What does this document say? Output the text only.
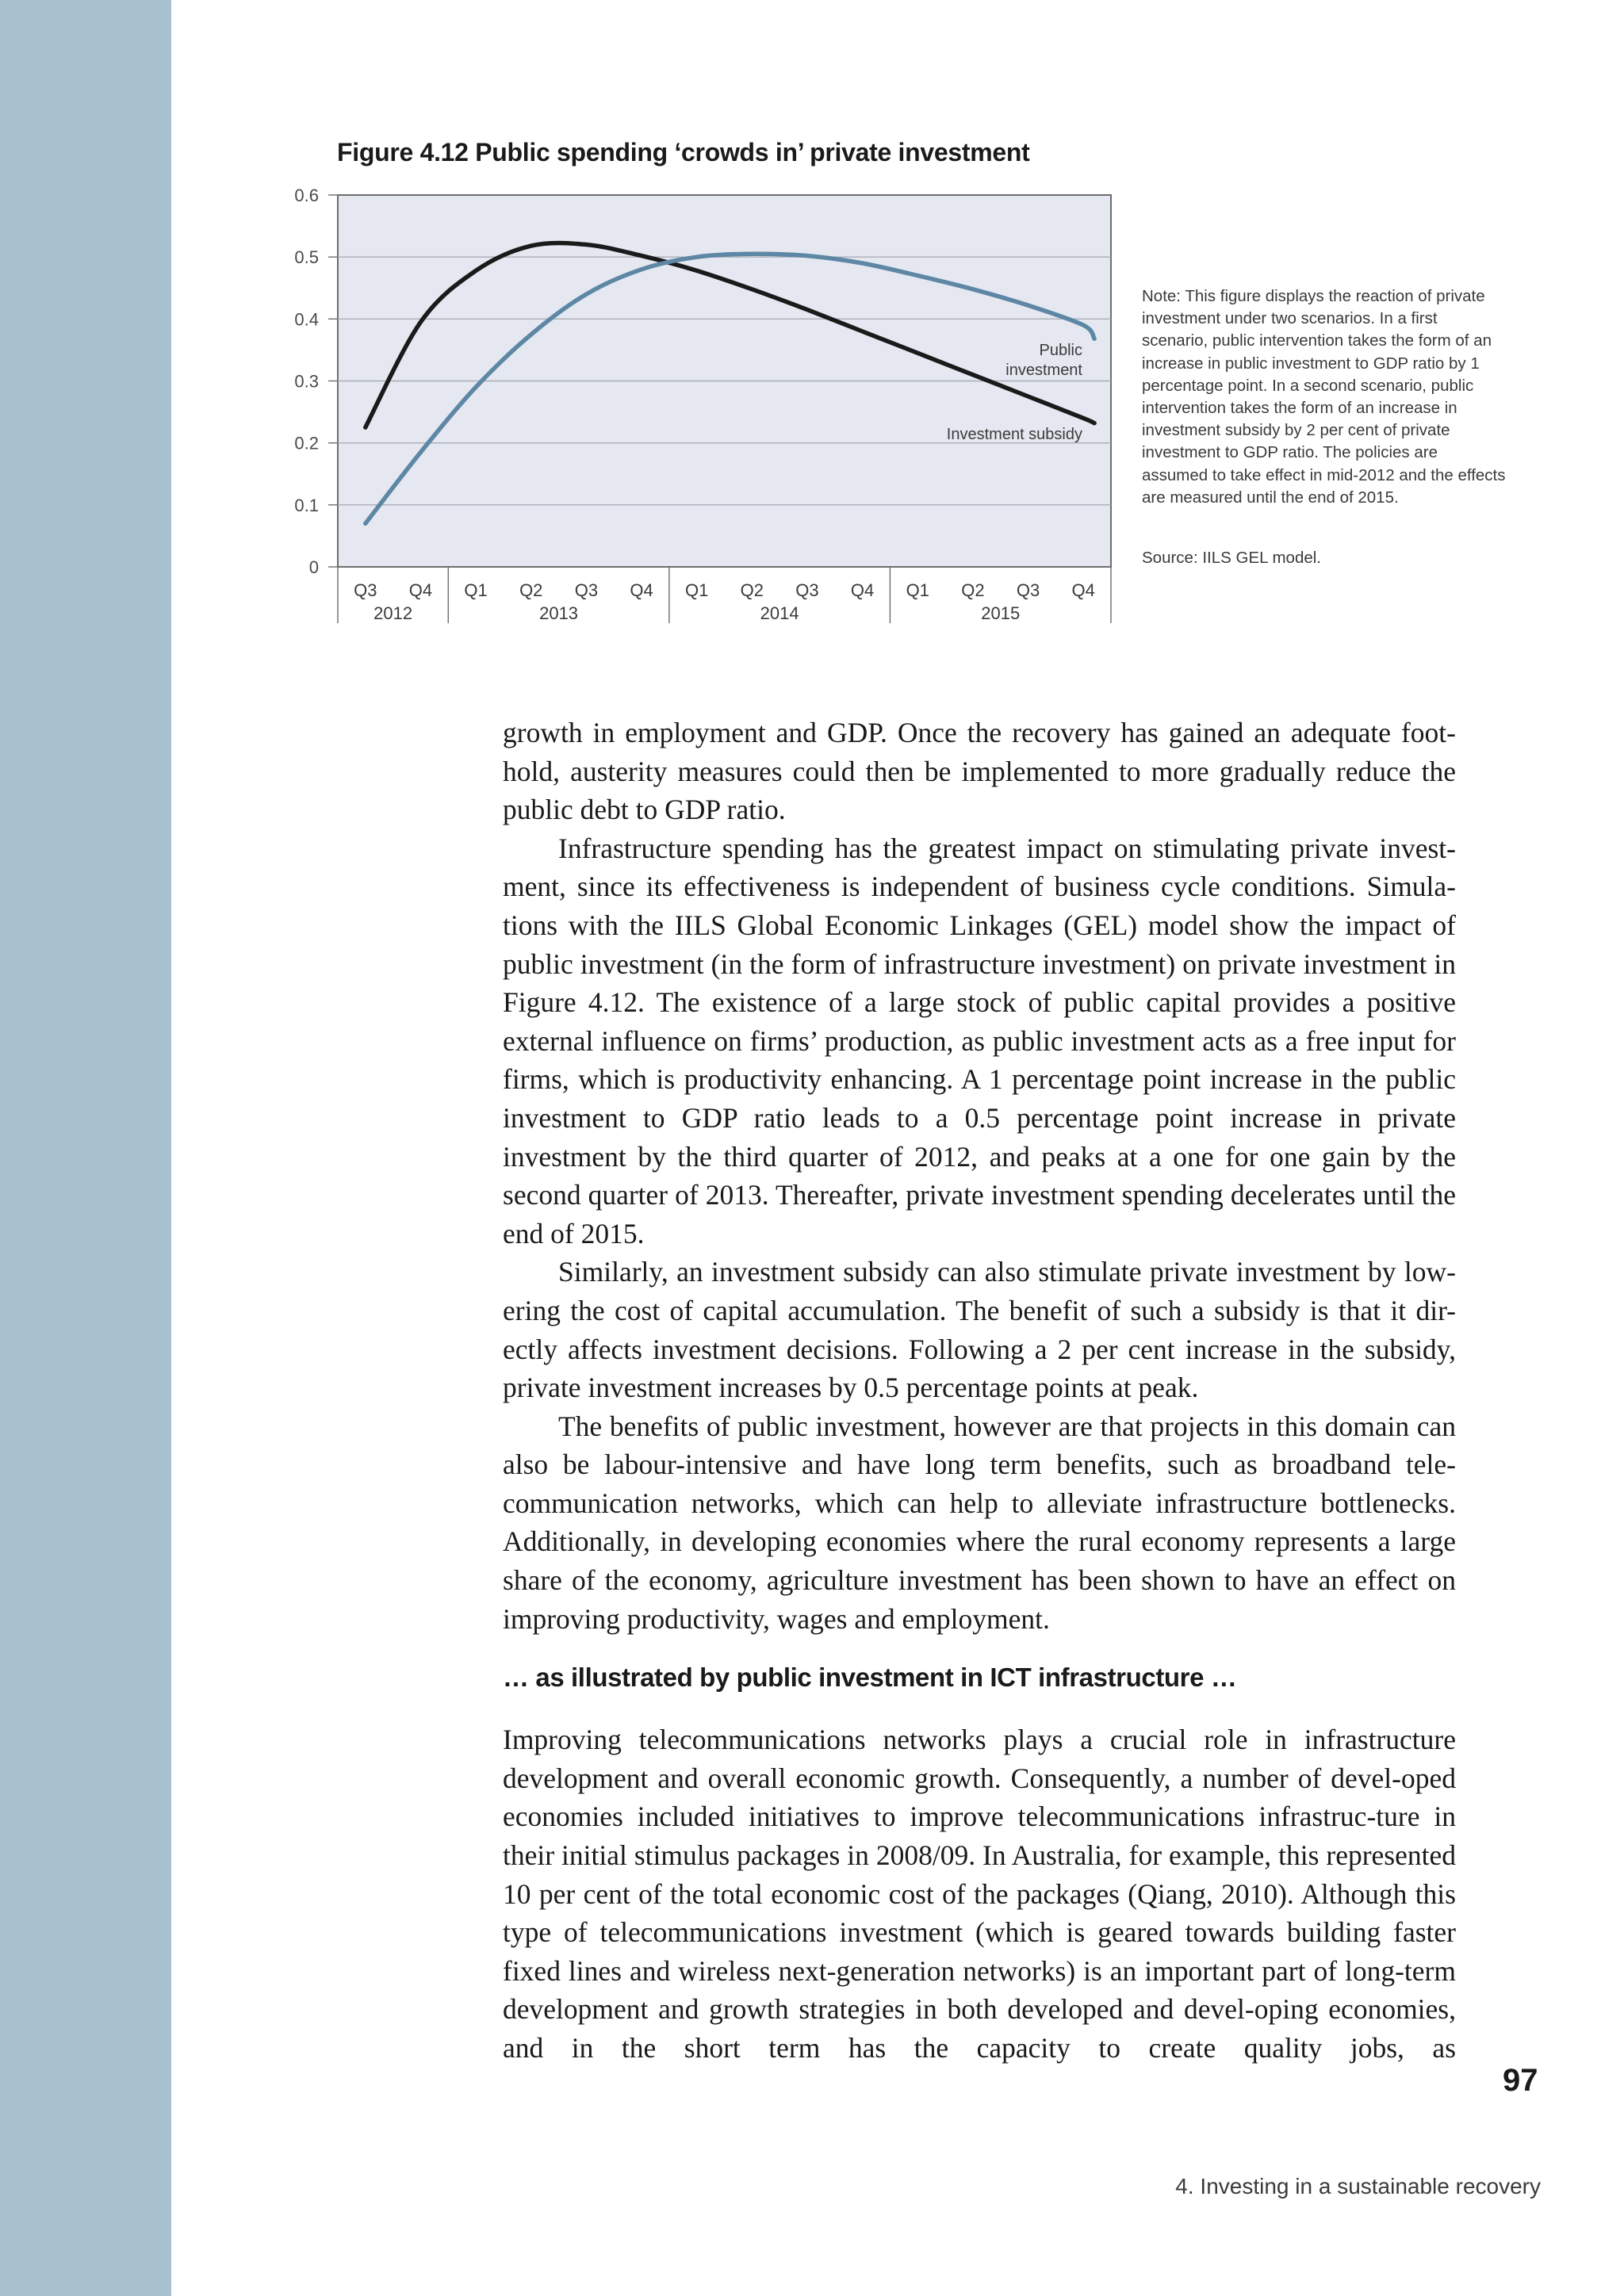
Figure 4.12 Public spending ‘crowds in’ private investment
0
0.1
0.2
0.3
0.4
0.5
0.6
Q3 Q4 Q1 Q2 Q3 Q4 Q1 Q2 Q3 Q4 Q1 Q2 Q3 Q4
2012	2013	2014	2015
Public
investment
Investment subsidy
Note: This figure displays the reaction of private investment under two scenarios. In a first scenario, public intervention takes the form of an increase in public investment to GDP ratio by 1 percentage point. In a second scenario, public intervention takes the form of an increase in investment subsidy by 2 per cent of private investment to GDP ratio. The policies are assumed to take effect in mid-2012 and the effects are measured until the end of 2015.
Source: IILS GEL model.

growth in employment and GDP. Once the recovery has gained an adequate foot-hold, austerity measures could then be implemented to more gradually reduce the public debt to GDP ratio.

Infrastructure spending has the greatest impact on stimulating private invest-ment, since its effectiveness is independent of business cycle conditions. Simula-tions with the IILS Global Economic Linkages (GEL) model show the impact of public investment (in the form of infrastructure investment) on private investment in Figure 4.12. The existence of a large stock of public capital provides a positive external influence on firms’ production, as public investment acts as a free input for firms, which is productivity enhancing. A 1 percentage point increase in the public investment to GDP ratio leads to a 0.5 percentage point increase in private investment by the third quarter of 2012, and peaks at a one for one gain by the second quarter of 2013. Thereafter, private investment spending decelerates until the end of 2015.

Similarly, an investment subsidy can also stimulate private investment by low-ering the cost of capital accumulation. The benefit of such a subsidy is that it dir-ectly affects investment decisions. Following a 2 per cent increase in the subsidy, private investment increases by 0.5 percentage points at peak.

The benefits of public investment, however are that projects in this domain can also be labour-intensive and have long term benefits, such as broadband tele-communication networks, which can help to alleviate infrastructure bottlenecks. Additionally, in developing economies where the rural economy represents a large share of the economy, agriculture investment has been shown to have an effect on improving productivity, wages and employment.

… as illustrated by public investment in ICT infrastructure …

Improving telecommunications networks plays a crucial role in infrastructure development and overall economic growth. Consequently, a number of devel-oped economies included initiatives to improve telecommunications infrastruc-ture in their initial stimulus packages in 2008/09. In Australia, for example, this represented 10 per cent of the total economic cost of the packages (Qiang, 2010). Although this type of telecommunications investment (which is geared towards building faster fixed lines and wireless next-generation networks) is an important part of long-term development and growth strategies in both developed and devel-oping economies, and in the short term has the capacity to create quality jobs, as

97
4. Investing in a sustainable recovery
